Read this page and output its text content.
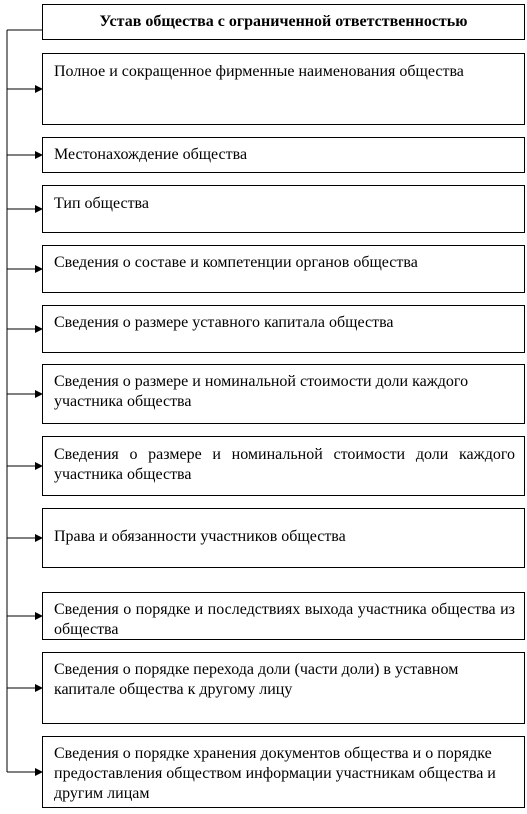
Устав общества с ограниченной ответственностью
Полное и сокращенное фирменные наименования общества
Местонахождение общества
Тип общества
Сведения о составе и компетенции органов общества
Сведения о размере уставного капитала общества
Сведения о размере и номинальной стоимости доли каждого участника общества
Сведения о размере и номинальной стоимости доли каждого участника общества
Права и обязанности участников общества
Сведения о порядке и последствиях выхода участника общества из общества
Сведения о порядке перехода доли (части доли) в уставном капитале общества к другому лицу
Сведения о порядке хранения документов общества и о порядке предоставления обществом информации участникам общества и другим лицам
